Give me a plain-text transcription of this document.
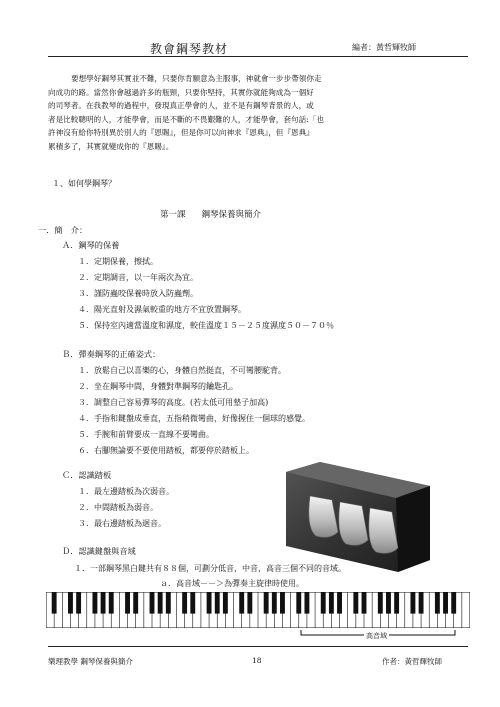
教會鋼琴教材	編者：黃哲輝牧師

要想學好鋼琴其實並不難，只要你肯願意為主服事，神就會一步步帶領你走

向成功的路。當然你會越過許多的瓶頸，只要你堅持，其實你就能夠成為一個好

的司琴者。在我教琴的過程中，發現真正學會的人，並不是有鋼琴背景的人，或

者是比較聰明的人，才能學會，而是不斷的不畏艱難的人，才能學會，套句話:「也

許神沒有給你特別異於別人的『恩賜』，但是你可以向神求『恩典』，但『恩典』

累積多了，其實就變成你的『恩賜』。

１、如何學鋼琴？
第一課 鋼琴保養與簡介
一．簡　介：
Ａ．鋼琴的保養
１．定期保養，擦拭。
２．定期調音，以一年兩次為宜。
３．謹防蟲咬保養時放入防蟲劑。
４．陽光直射及濕氣較重的地方不宜放置鋼琴。
５．保持室內適當溫度和濕度，較佳溫度１５－２５度濕度５０－７０％
Ｂ．彈奏鋼琴的正確姿式：
１．放鬆自己以喜樂的心，身體自然挺直，不可彎腰駝背。
２．坐在鋼琴中間，身體對準鋼琴的鑰匙孔。
３．調整自己容易彈琴的高度。(若太低可用墊子加高)
４．手指和鍵盤成垂直，五指稍微彎曲，好像握住一個球的感覺。
５．手腕和前臂要成一直線不要彎曲。
６．右腳無論要不要使用踏板，都要停於踏板上。
Ｃ．認識踏板
１．最左邊踏板為次弱音。
２．中間踏板為弱音。
３．最右邊踏板為迴音。
Ｄ．認識鍵盤與音域
１．一部鋼琴黑白鍵共有８８個，可劃分低音，中音，高音三個不同的音域。
ａ．高音域－－＞為彈奏主旋律時使用。
高音域
樂理教學 鋼琴保養與簡介	18	作者：黃哲輝牧師
